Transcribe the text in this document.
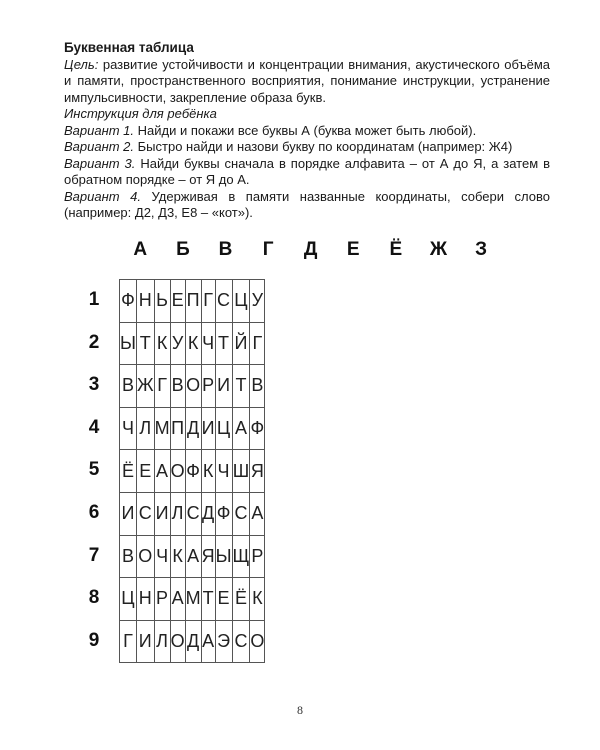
Буквенная таблица

Цель: развитие устойчивости и концентрации внимания, акустического объёма и памяти, пространственного восприятия, понимание инструкции, устранение импульсивности, закрепление образа букв.

Инструкция для ребёнка

Вариант 1. Найди и покажи все буквы А (буква может быть любой).

Вариант 2. Быстро найди и назови букву по координатам (например: Ж4)

Вариант 3. Найди буквы сначала в порядке алфавита – от А до Я, а затем в обратном порядке – от Я до А.

Вариант 4. Удерживая в памяти названные координаты, собери слово (например: Д2, Д3, Е8 – «кот»).

А	Б	В	Г	Д	Е	Ё	Ж	З
1
2
3
4
5
6
7
8
9
Ф	Н	Ь	Е	П	Г	С	Ц	У
Ы	Т	К	У	К	Ч	Т	Й	Г
В	Ж	Г	В	О	Р	И	Т	В
Ч	Л	М	П	Д	И	Ц	А	Ф
Ё	Е	А	О	Ф	К	Ч	Ш	Я
И	С	И	Л	С	Д	Ф	С	А
В	О	Ч	К	А	Я	Ы	Щ	Р
Ц	Н	Р	А	М	Т	Е	Ё	К
Г	И	Л	О	Д	А	Э	С	О
8
